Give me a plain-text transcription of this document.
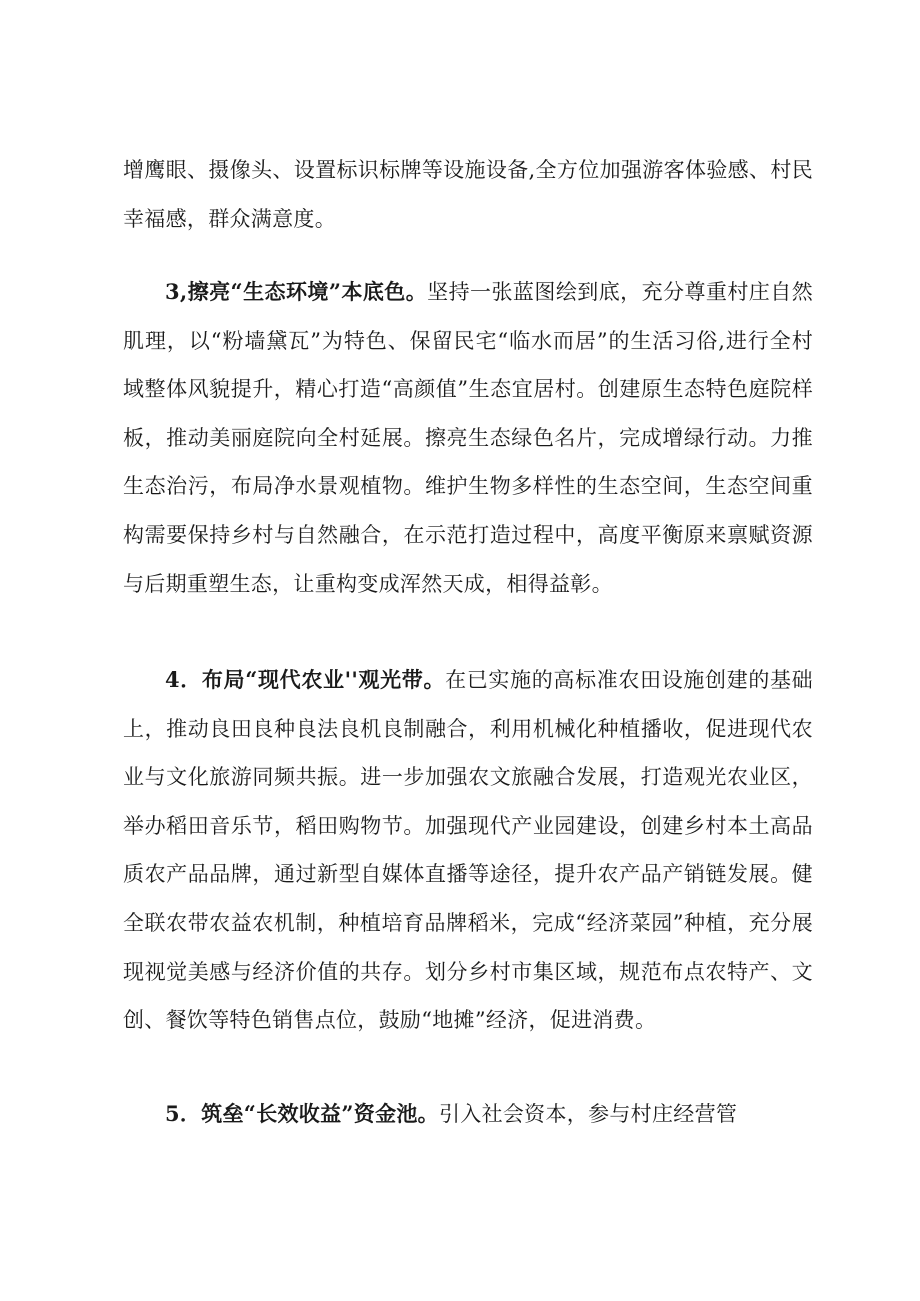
增鹰眼、摄像头、设置标识标牌等设施设备,全方位加强游客体验感、村民幸福感，群众满意度。

3,擦亮“生态环境”本底色。坚持一张蓝图绘到底，充分尊重村庄自然肌理，以“粉墙黛瓦”为特色、保留民宅“临水而居”的生活习俗,进行全村域整体风貌提升，精心打造“高颜值”生态宜居村。创建原生态特色庭院样板，推动美丽庭院向全村延展。擦亮生态绿色名片，完成增绿行动。力推生态治污，布局净水景观植物。维护生物多样性的生态空间，生态空间重构需要保持乡村与自然融合，在示范打造过程中，高度平衡原来禀赋资源与后期重塑生态，让重构变成浑然天成，相得益彰。

4．布局“现代农业''观光带。在已实施的高标准农田设施创建的基础上，推动良田良种良法良机良制融合，利用机械化种植播收，促进现代农业与文化旅游同频共振。进一步加强农文旅融合发展，打造观光农业区，举办稻田音乐节，稻田购物节。加强现代产业园建设，创建乡村本土高品质农产品品牌，通过新型自媒体直播等途径，提升农产品产销链发展。健全联农带农益农机制，种植培育品牌稻米，完成“经济菜园”种植，充分展现视觉美感与经济价值的共存。划分乡村市集区域，规范布点农特产、文创、餐饮等特色销售点位，鼓励“地摊”经济，促进消费。

5．筑垒“长效收益”资金池。引入社会资本，参与村庄经营管
